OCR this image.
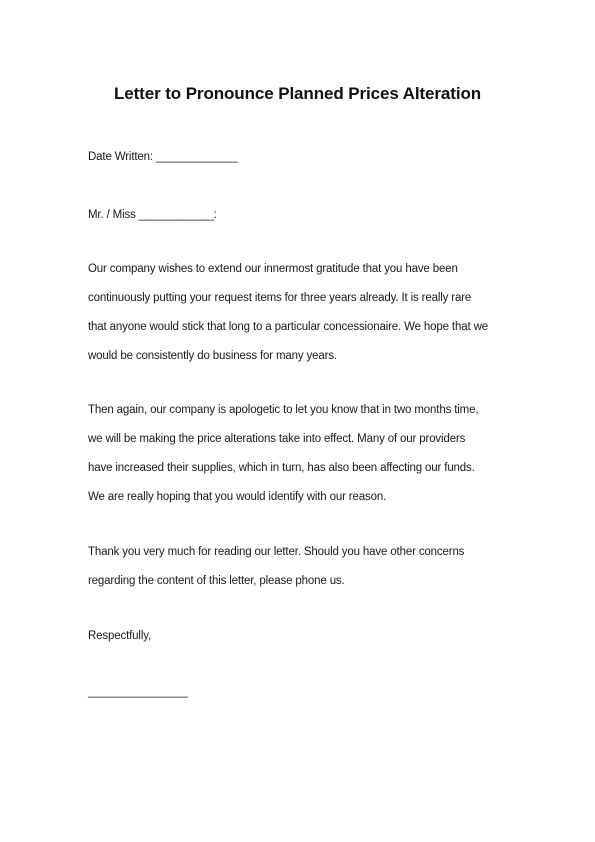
Letter to Pronounce Planned Prices Alteration
Date Written: _____________
Mr. / Miss ____________:
Our company wishes to extend our innermost gratitude that you have been
continuously putting your request items for three years already. It is really rare
that anyone would stick that long to a particular concessionaire. We hope that we
would be consistently do business for many years.
Then again, our company is apologetic to let you know that in two months time,
we will be making the price alterations take into effect. Many of our providers
have increased their supplies, which in turn, has also been affecting our funds.
We are really hoping that you would identify with our reason.
Thank you very much for reading our letter. Should you have other concerns
regarding the content of this letter, please phone us.
Respectfully,
________________
